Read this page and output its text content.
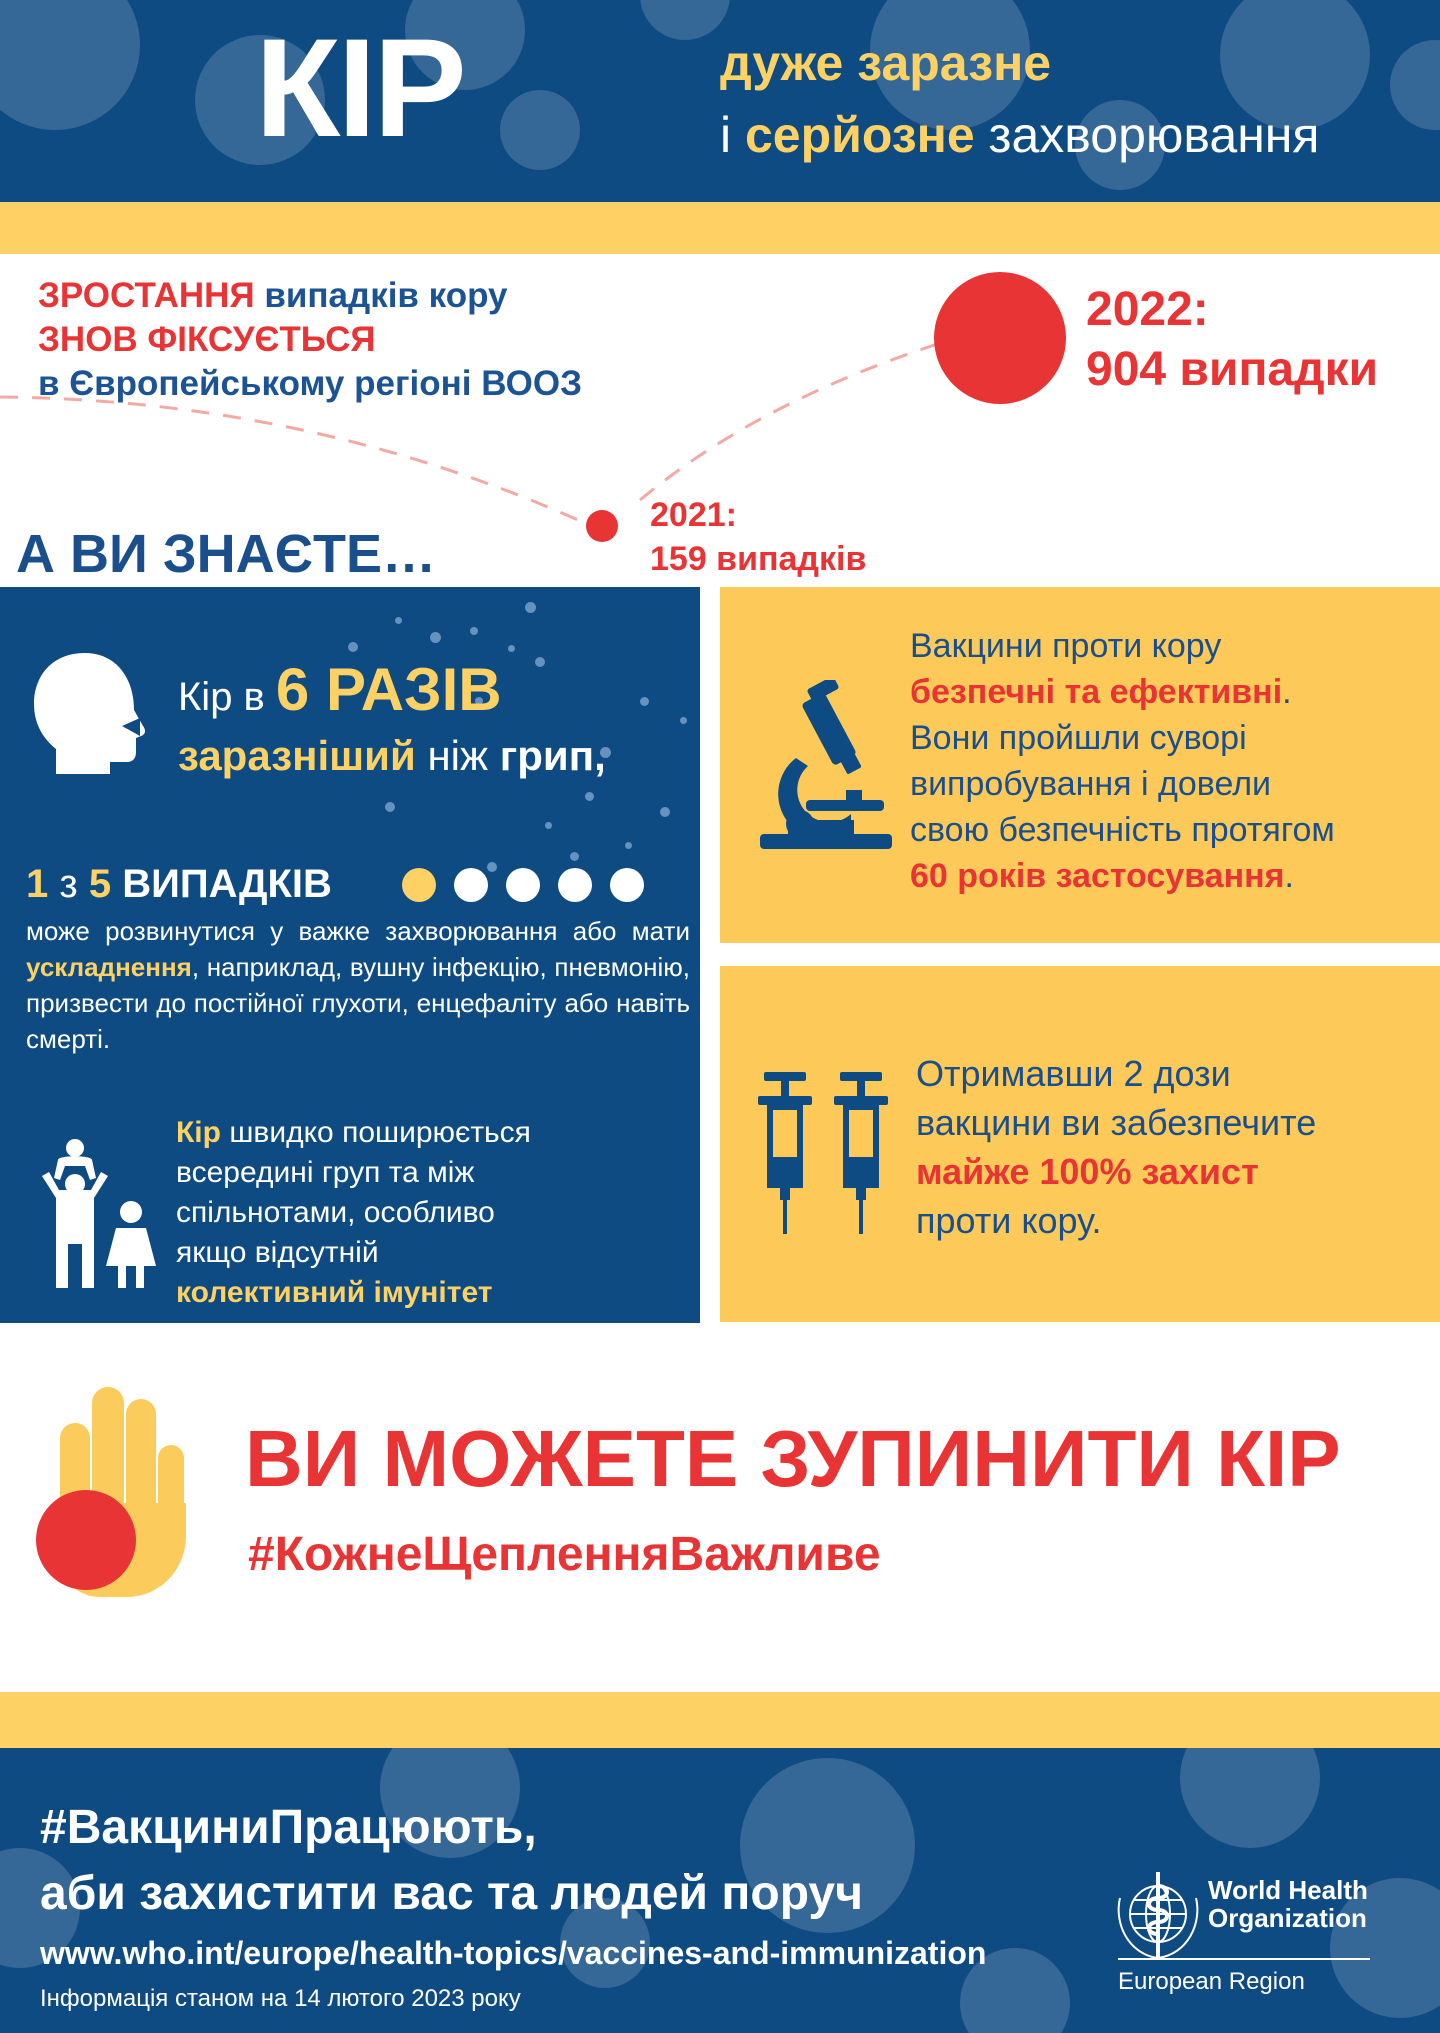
КІР	дуже заразне
і серйозне захворювання
ЗРОСТАННЯ випадків кору
ЗНОВ ФІКСУЄТЬСЯ
в Європейському регіоні ВООЗ
2022:
904 випадки
2021:
159 випадків
А ВИ ЗНАЄТЕ…
Кір в 6 РАЗІВ
заразніший ніж грип,
1 з 5 ВИПАДКІВ
може розвинутися у важке захворювання або мати ускладнення, наприклад, вушну інфекцію, пневмонію, призвести до постійної глухоти, енцефаліту або навіть смерті.
Кір швидко поширюється
всередині груп та між
спільнотами, особливо
якщо відсутній
колективний імунітет
Вакцини проти кору
безпечні та ефективні.
Вони пройшли суворі
випробування і довели
свою безпечність протягом
60 років застосування.
Отримавши 2 дози
вакцини ви забезпечите
майже 100% захист
проти кору.
ВИ МОЖЕТЕ ЗУПИНИТИ КІР
#КожнеЩепленняВажливе
#ВакциниПрацюють,
аби захистити вас та людей поруч
www.who.int/europe/health-topics/vaccines-and-immunization
Інформація станом на 14 лютого 2023 року
World Health
Organization
European Region
